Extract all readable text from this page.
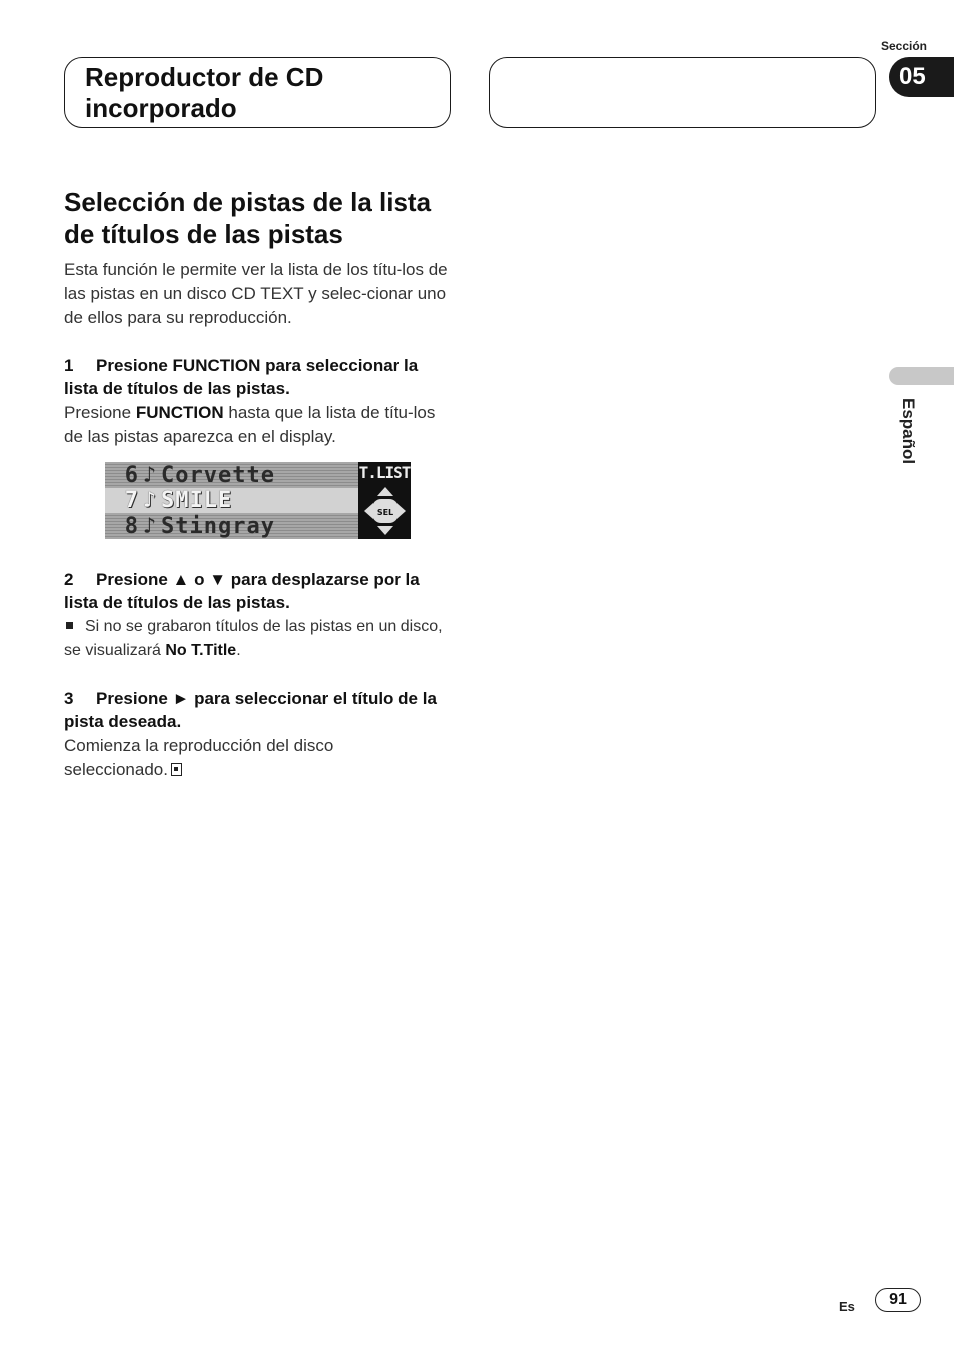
Reproductor de CD incorporado
Sección
05
Español
Selección de pistas de la lista de títulos de las pistas
Esta función le permite ver la lista de los títu-los de las pistas en un disco CD TEXT y selec-cionar uno de ellos para su reproducción.
1 Presione FUNCTION para seleccionar la lista de títulos de las pistas.
Presione FUNCTION hasta que la lista de títu-los de las pistas aparezca en el display.
6 ♪ Corvette
7 ♪ SMILE
8 ♪ Stingray
T.LIST
SEL
2 Presione ▲ o ▼ para desplazarse por la lista de títulos de las pistas.
Si no se grabaron títulos de las pistas en un disco, se visualizará No T.Title.
3 Presione ► para seleccionar el título de la pista deseada.
Comienza la reproducción del disco seleccionado.
Es	91
